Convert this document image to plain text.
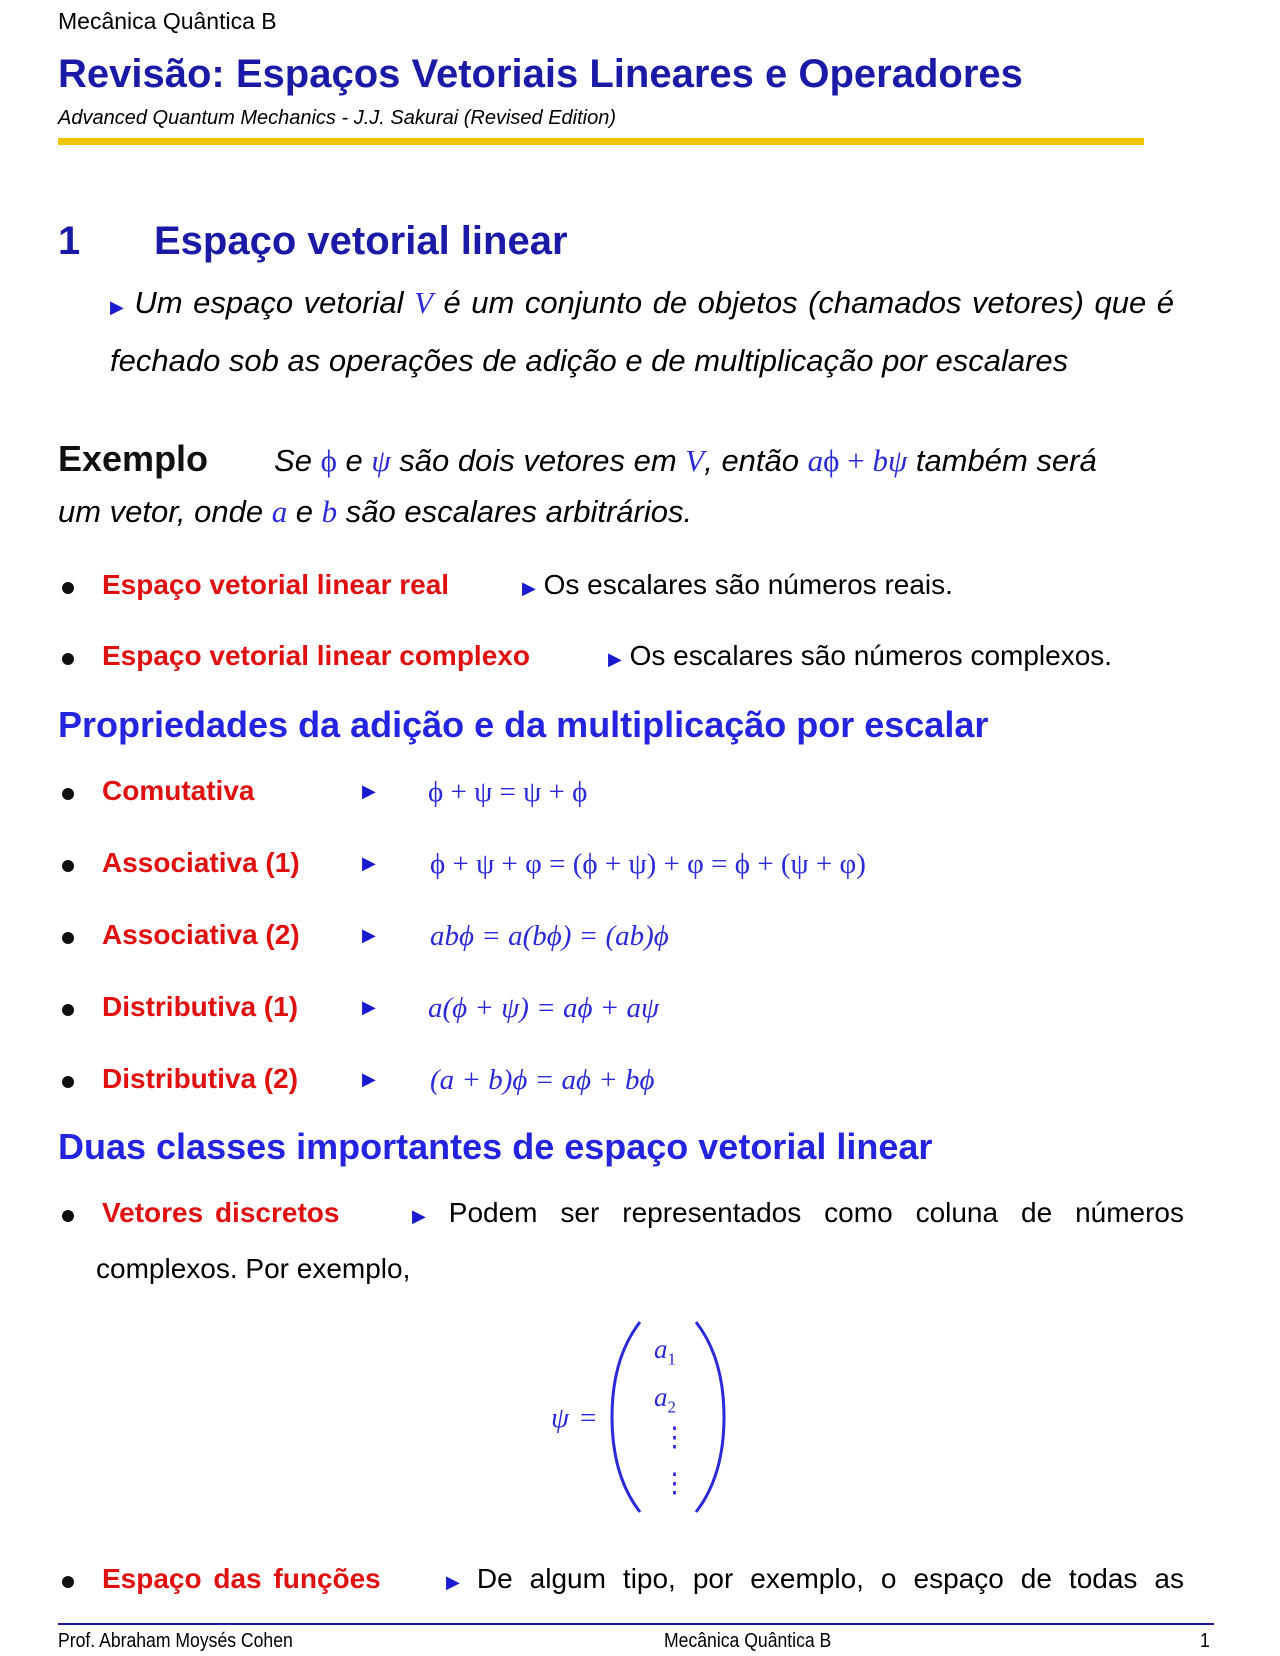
Mecânica Quântica B
Revisão: Espaços Vetoriais Lineares e Operadores
Advanced Quantum Mechanics - J.J. Sakurai (Revised Edition)
1 Espaço vetorial linear
▶ Um espaço vetorial V é um conjunto de objetos (chamados vetores) que é fechado sob as operações de adição e de multiplicação por escalares
Exemplo Se ϕ e ψ são dois vetores em V, então aϕ + bψ também será
um vetor, onde a e b são escalares arbitrários.
Espaço vetorial linear real	▶ Os escalares são números reais.
Espaço vetorial linear complexo	▶ Os escalares são números complexos.
Propriedades da adição e da multiplicação por escalar
Comutativa	▶ ϕ + ψ = ψ + ϕ
Associativa (1)	▶ ϕ + ψ + φ = (ϕ + ψ) + φ = ϕ + (ψ + φ)
Associativa (2)	▶ abϕ = a(bϕ) = (ab)ϕ
Distributiva (1)	▶ a(ϕ + ψ) = aϕ + aψ
Distributiva (2)	▶ (a + b)ϕ = aϕ + bϕ
Duas classes importantes de espaço vetorial linear
Vetores discretos	▶ Podem ser representados como coluna de números
complexos. Por exemplo,
ψ =
$a_1$
$a_2$
⋮
⋮
Espaço das funções	▶ De algum tipo, por exemplo, o espaço de todas as
Prof. Abraham Moysés Cohen	Mecânica Quântica B	1
